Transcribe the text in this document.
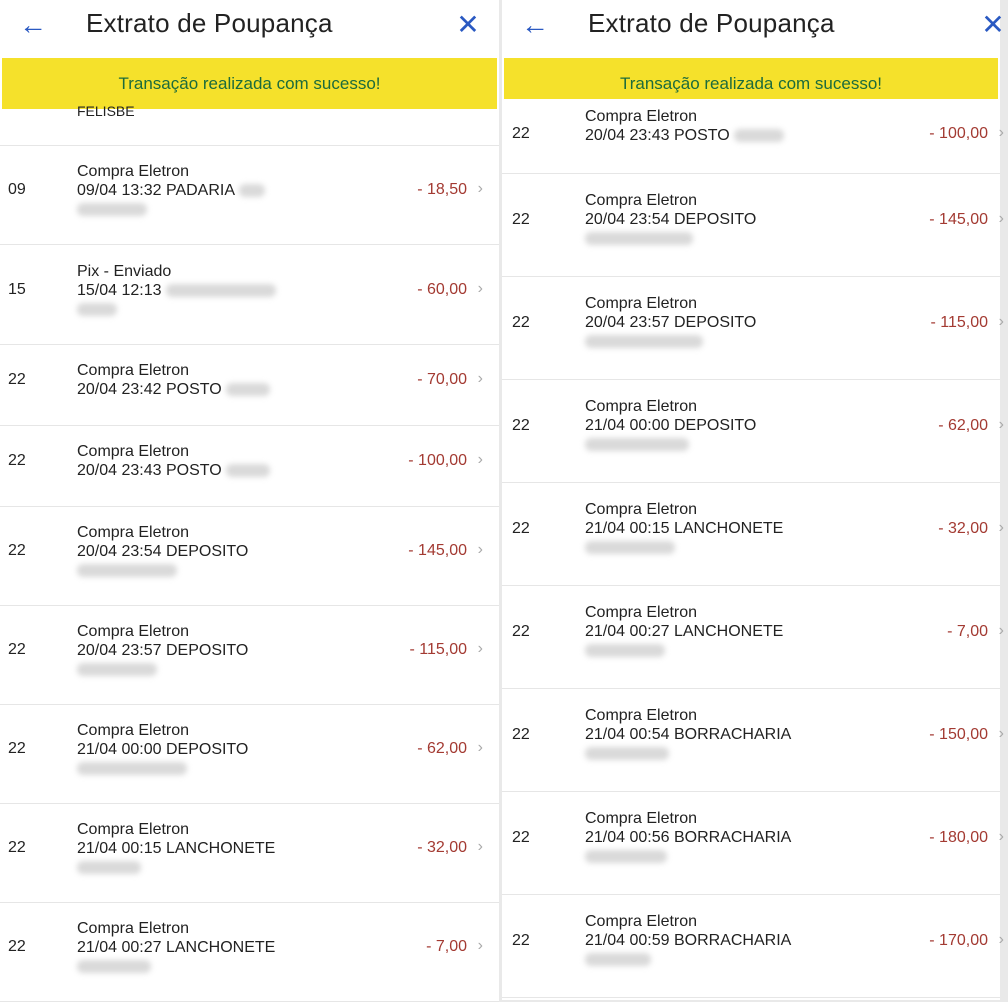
← Extrato de Poupança	✕
Transação realizada com sucesso!
FELISBE
09
Compra Eletron
09/04 13:32 PADARIA	- 18,50 ›
15
Pix - Enviado
15/04 12:13	- 60,00 ›
22
Compra Eletron
20/04 23:42 POSTO
- 70,00 ›
22
Compra Eletron
20/04 23:43 POSTO
- 100,00 ›
22
Compra Eletron
20/04 23:54 DEPOSITO	- 145,00 ›
22
Compra Eletron
20/04 23:57 DEPOSITO	- 115,00 ›
22
Compra Eletron
21/04 00:00 DEPOSITO	- 62,00 ›
22
Compra Eletron
21/04 00:15 LANCHONETE	- 32,00 ›
22
Compra Eletron
21/04 00:27 LANCHONETE	- 7,00 ›
← Extrato de Poupança	✕
Transação realizada com sucesso!
22
Compra Eletron
20/04 23:43 POSTO	- 100,00 ›
22
Compra Eletron
20/04 23:54 DEPOSITO	- 145,00 ›
22
Compra Eletron
20/04 23:57 DEPOSITO	- 115,00 ›
22
Compra Eletron
21/04 00:00 DEPOSITO	- 62,00 ›
22
Compra Eletron
21/04 00:15 LANCHONETE	- 32,00 ›
22
Compra Eletron
21/04 00:27 LANCHONETE	- 7,00 ›
22
Compra Eletron
21/04 00:54 BORRACHARIA	- 150,00 ›
22
Compra Eletron
21/04 00:56 BORRACHARIA	- 180,00 ›
22
Compra Eletron
21/04 00:59 BORRACHARIA	- 170,00 ›
